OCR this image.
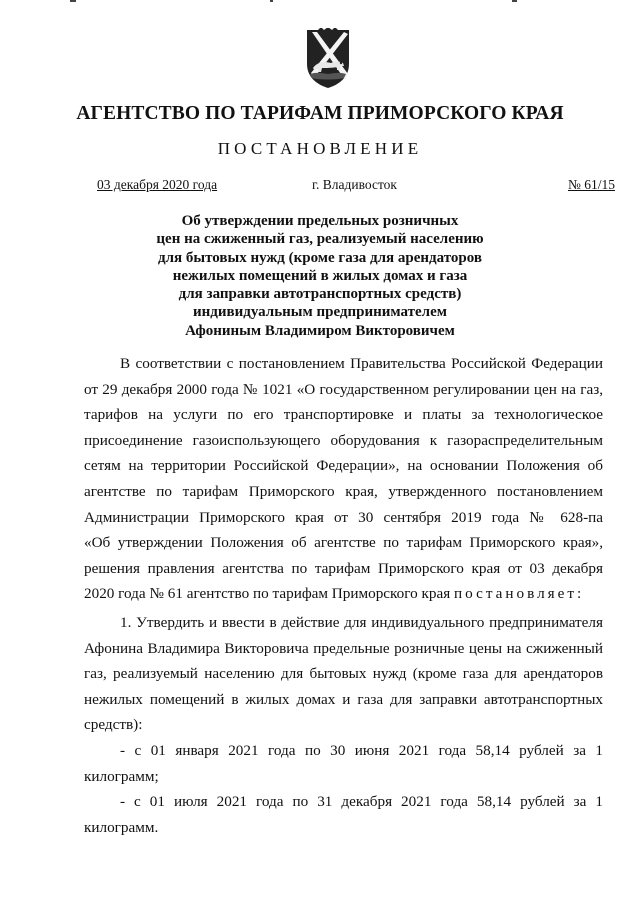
АГЕНТСТВО ПО ТАРИФАМ ПРИМОРСКОГО КРАЯ
ПОСТАНОВЛЕНИЕ
03 декабря 2020 года	г. Владивосток	№ 61/15
Об утверждении предельных розничных
цен на сжиженный газ, реализуемый населению
для бытовых нужд (кроме газа для арендаторов
нежилых помещений в жилых домах и газа
для заправки автотранспортных средств)
индивидуальным предпринимателем
Афониным Владимиром Викторовичем
В соответствии с постановлением Правительства Российской Федерации
от 29 декабря 2000 года № 1021 «О государственном регулировании цен на газ,
тарифов на услуги по его транспортировке и платы за технологическое
присоединение газоиспользующего оборудования к газораспределительным
сетям на территории Российской Федерации», на основании Положения об
агентстве по тарифам Приморского края, утвержденного постановлением
Администрации Приморского края от 30 сентября 2019 года № 628-па
«Об утверждении Положения об агентстве по тарифам Приморского края»,
решения правления агентства по тарифам Приморского края от 03 декабря
2020 года № 61 агентство по тарифам Приморского края постановляет:
1. Утвердить и ввести в действие для индивидуального предпринимателя
Афонина Владимира Викторовича предельные розничные цены на сжиженный
газ, реализуемый населению для бытовых нужд (кроме газа для арендаторов
нежилых помещений в жилых домах и газа для заправки автотранспортных
средств):
- с 01 января 2021 года по 30 июня 2021 года 58,14 рублей за 1
килограмм;
- с 01 июля 2021 года по 31 декабря 2021 года 58,14 рублей за 1
килограмм.
